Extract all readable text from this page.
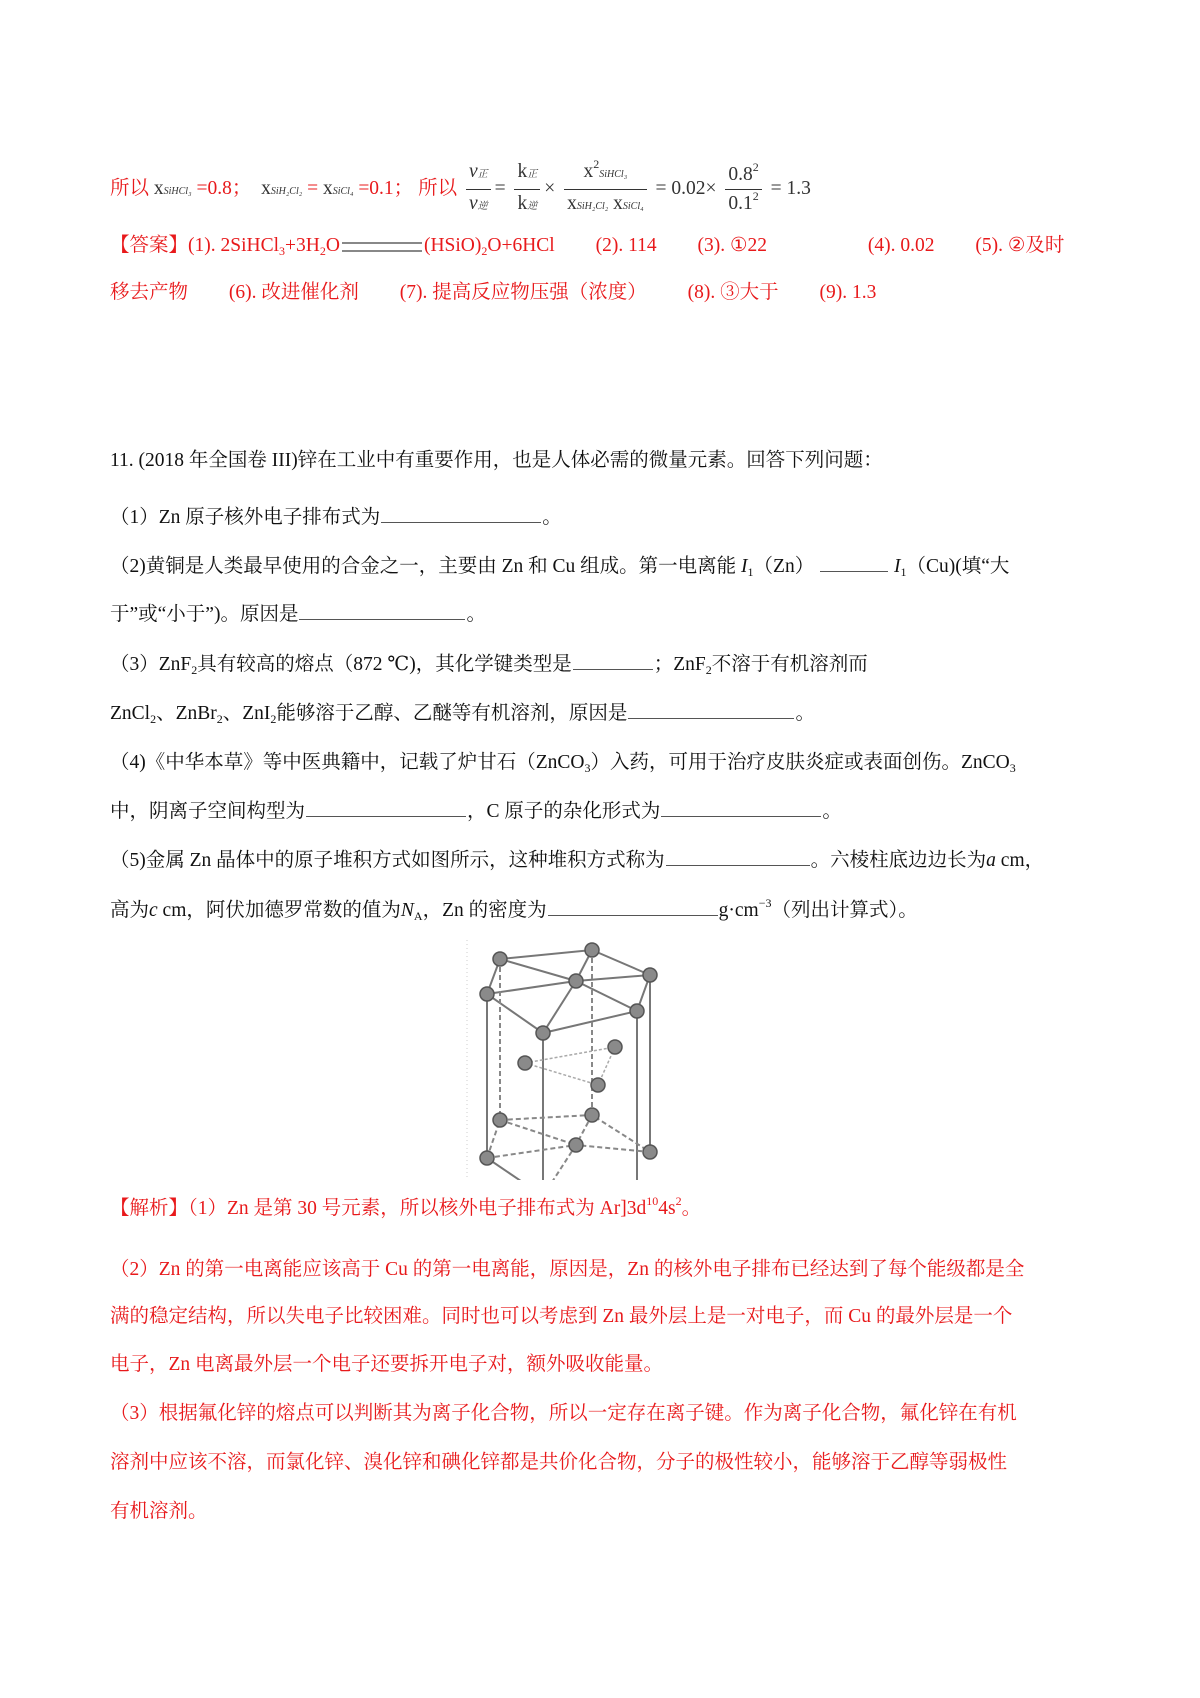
所以 xSiHCl₃ =0.8；  xSiH₂Cl₂ = xSiCl₄ =0.1； 所以 $\frac{\text{ν正}}{\text{ν逆}} = \frac{\text{k正}}{\text{k逆}} \times \frac{x^2SiHCl_3}{\text{xSiH₂Cl₂ xSiCl₄}} = 0.02\times \frac{0.8^2}{0.1^2} = 1.3$
【答案】(1). $2SiHCl_3+3H_2O$	$(HSiO)_2O+6HCl$ (2). 114 (3). ①22	(4). 0.02 (5). ②及时
移去产物 (6). 改进催化剂 (7). 提高反应物压强（浓度） (8). ③大于 (9). 1.3
11. (2018 年全国卷 III)锌在工业中有重要作用，也是人体必需的微量元素。回答下列问题：
（1）Zn 原子核外电子排布式为	。
（2)黄铜是人类最早使用的合金之一，主要由 Zn 和 Cu 组成。第一电离能 $I_1(Zn)$	$I_1(Cu)$(填“大
于”或“小于”)。原因是	。
（3）ZnF$_2$具有较高的熔点（872 ℃)，其化学键类型是	；ZnF$_2$不溶于有机溶剂而
ZnCl$_2$、ZnBr$_2$、ZnI$_2$能够溶于乙醇、乙醚等有机溶剂，原因是	。
（4)《中华本草》等中医典籍中，记载了炉甘石（ZnCO$_3$）入药，可用于治疗皮肤炎症或表面创伤。ZnCO$_3$
中，阴离子空间构型为	，C 原子的杂化形式为	。
（5)金属 Zn 晶体中的原子堆积方式如图所示，这种堆积方式称为	。六棱柱底边边长为a cm，
高为c cm，阿伏加德罗常数的值为$N_A$，Zn 的密度为	$g\cdot cm^{-3}$（列出计算式）。
【解析】（1）Zn 是第 30 号元素，所以核外电子排布式为 $Ar]3d^{10}4s^2$。
（2）Zn 的第一电离能应该高于 Cu 的第一电离能，原因是，Zn 的核外电子排布已经达到了每个能级都是全
满的稳定结构，所以失电子比较困难。同时也可以考虑到 Zn 最外层上是一对电子，而 Cu 的最外层是一个
电子，Zn 电离最外层一个电子还要拆开电子对，额外吸收能量。
（3）根据氟化锌的熔点可以判断其为离子化合物，所以一定存在离子键。作为离子化合物，氟化锌在有机
溶剂中应该不溶，而氯化锌、溴化锌和碘化锌都是共价化合物，分子的极性较小，能够溶于乙醇等弱极性
有机溶剂。
